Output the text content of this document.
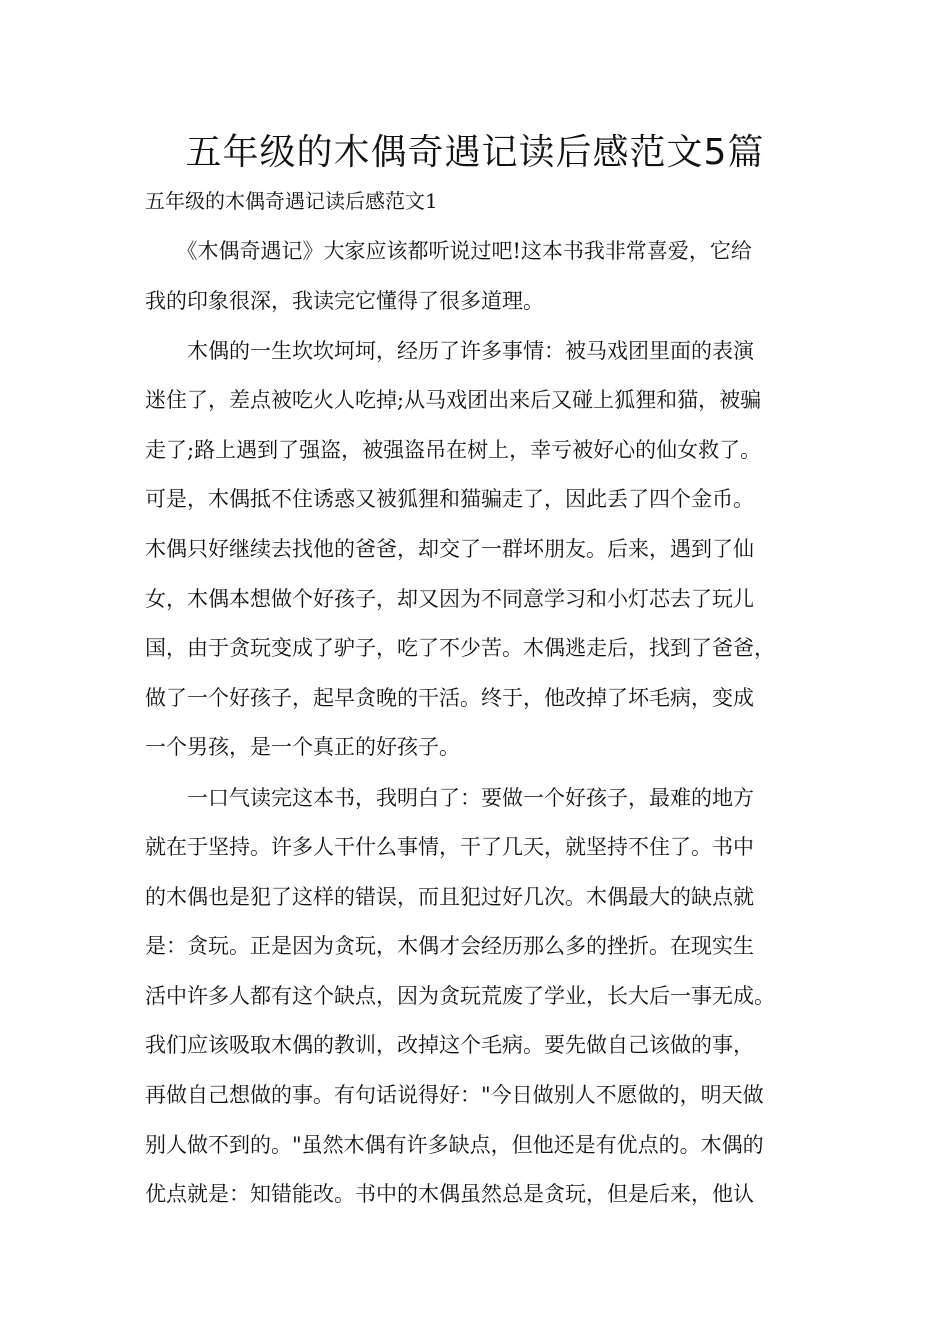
五年级的木偶奇遇记读后感范文5篇
五年级的木偶奇遇记读后感范文1
　　《木偶奇遇记》大家应该都听说过吧!这本书我非常喜爱，它给
我的印象很深，我读完它懂得了很多道理。
　　木偶的一生坎坎坷坷，经历了许多事情：被马戏团里面的表演
迷住了，差点被吃火人吃掉;从马戏团出来后又碰上狐狸和猫，被骗
走了;路上遇到了强盗，被强盗吊在树上，幸亏被好心的仙女救了。
可是，木偶抵不住诱惑又被狐狸和猫骗走了，因此丢了四个金币。
木偶只好继续去找他的爸爸，却交了一群坏朋友。后来，遇到了仙
女，木偶本想做个好孩子，却又因为不同意学习和小灯芯去了玩儿
国，由于贪玩变成了驴子，吃了不少苦。木偶逃走后，找到了爸爸，
做了一个好孩子，起早贪晚的干活。终于，他改掉了坏毛病，变成
一个男孩，是一个真正的好孩子。
　　一口气读完这本书，我明白了：要做一个好孩子，最难的地方
就在于坚持。许多人干什么事情，干了几天，就坚持不住了。书中
的木偶也是犯了这样的错误，而且犯过好几次。木偶最大的缺点就
是：贪玩。正是因为贪玩，木偶才会经历那么多的挫折。在现实生
活中许多人都有这个缺点，因为贪玩荒废了学业，长大后一事无成。
我们应该吸取木偶的教训，改掉这个毛病。要先做自己该做的事，
再做自己想做的事。有句话说得好："今日做别人不愿做的，明天做
别人做不到的。"虽然木偶有许多缺点，但他还是有优点的。木偶的
优点就是：知错能改。书中的木偶虽然总是贪玩，但是后来，他认
